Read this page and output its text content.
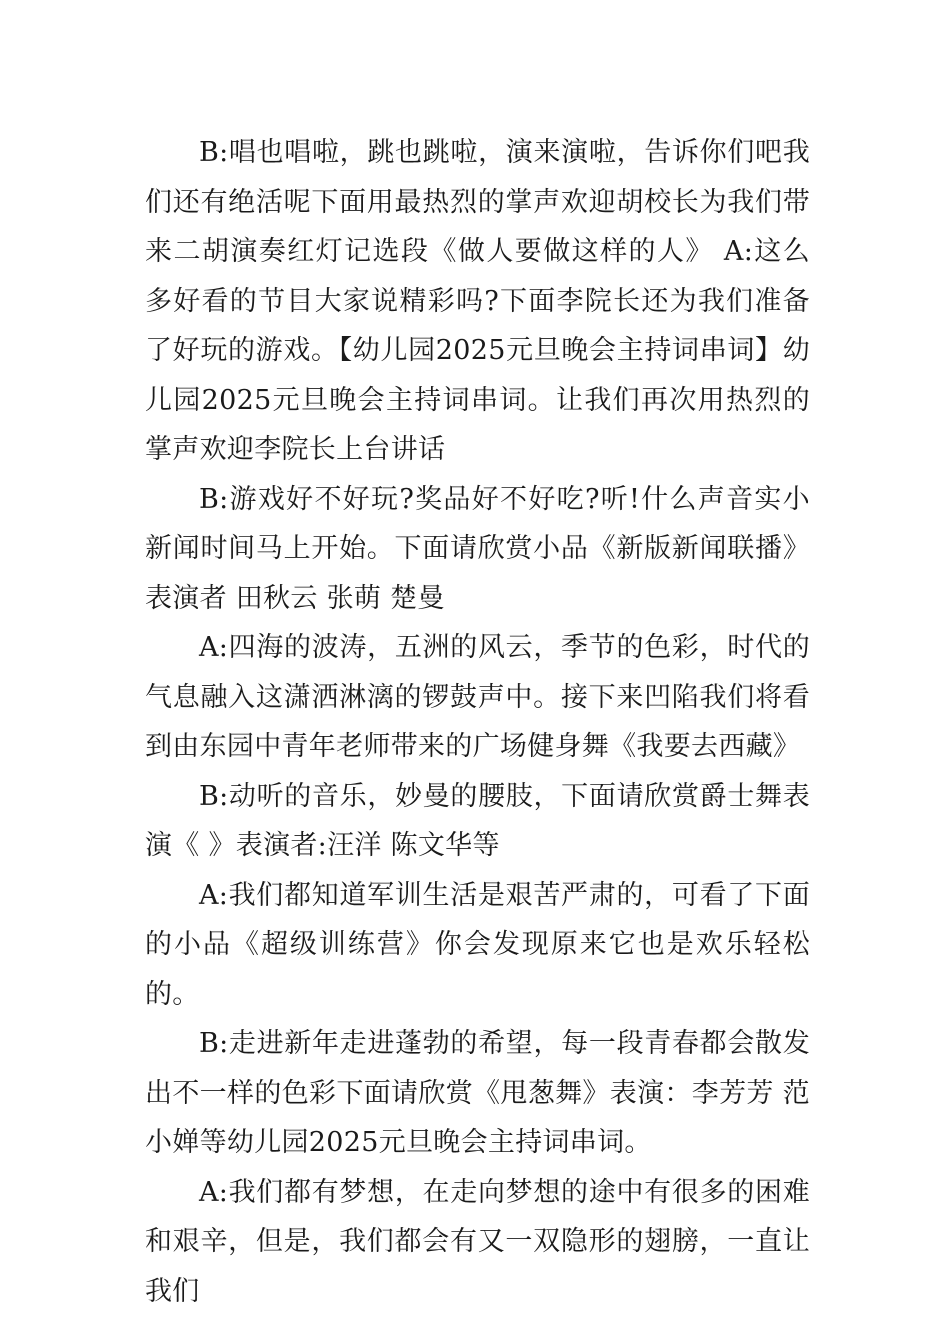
B:唱也唱啦，跳也跳啦，演来演啦，告诉你们吧我们还有绝活呢下面用最热烈的掌声欢迎胡校长为我们带来二胡演奏红灯记选段《做人要做这样的人》 A:这么多好看的节目大家说精彩吗?下面李院长还为我们准备了好玩的游戏。【幼儿园2025元旦晚会主持词串词】幼儿园2025元旦晚会主持词串词。让我们再次用热烈的掌声欢迎李院长上台讲话

B:游戏好不好玩?奖品好不好吃?听!什么声音实小新闻时间马上开始。下面请欣赏小品《新版新闻联播》表演者 田秋云 张萌 楚曼

A:四海的波涛，五洲的风云，季节的色彩，时代的气息融入这潇洒淋漓的锣鼓声中。接下来凹陷我们将看到由东园中青年老师带来的广场健身舞《我要去西藏》

B:动听的音乐，妙曼的腰肢，下面请欣赏爵士舞表演《 》表演者:汪洋 陈文华等

A:我们都知道军训生活是艰苦严肃的，可看了下面的小品《超级训练营》你会发现原来它也是欢乐轻松的。

B:走进新年走进蓬勃的希望，每一段青春都会散发出不一样的色彩下面请欣赏《甩葱舞》表演：李芳芳 范小婵等幼儿园2025元旦晚会主持词串词。

A:我们都有梦想，在走向梦想的途中有很多的困难和艰辛，但是，我们都会有又一双隐形的翅膀，一直让我们
